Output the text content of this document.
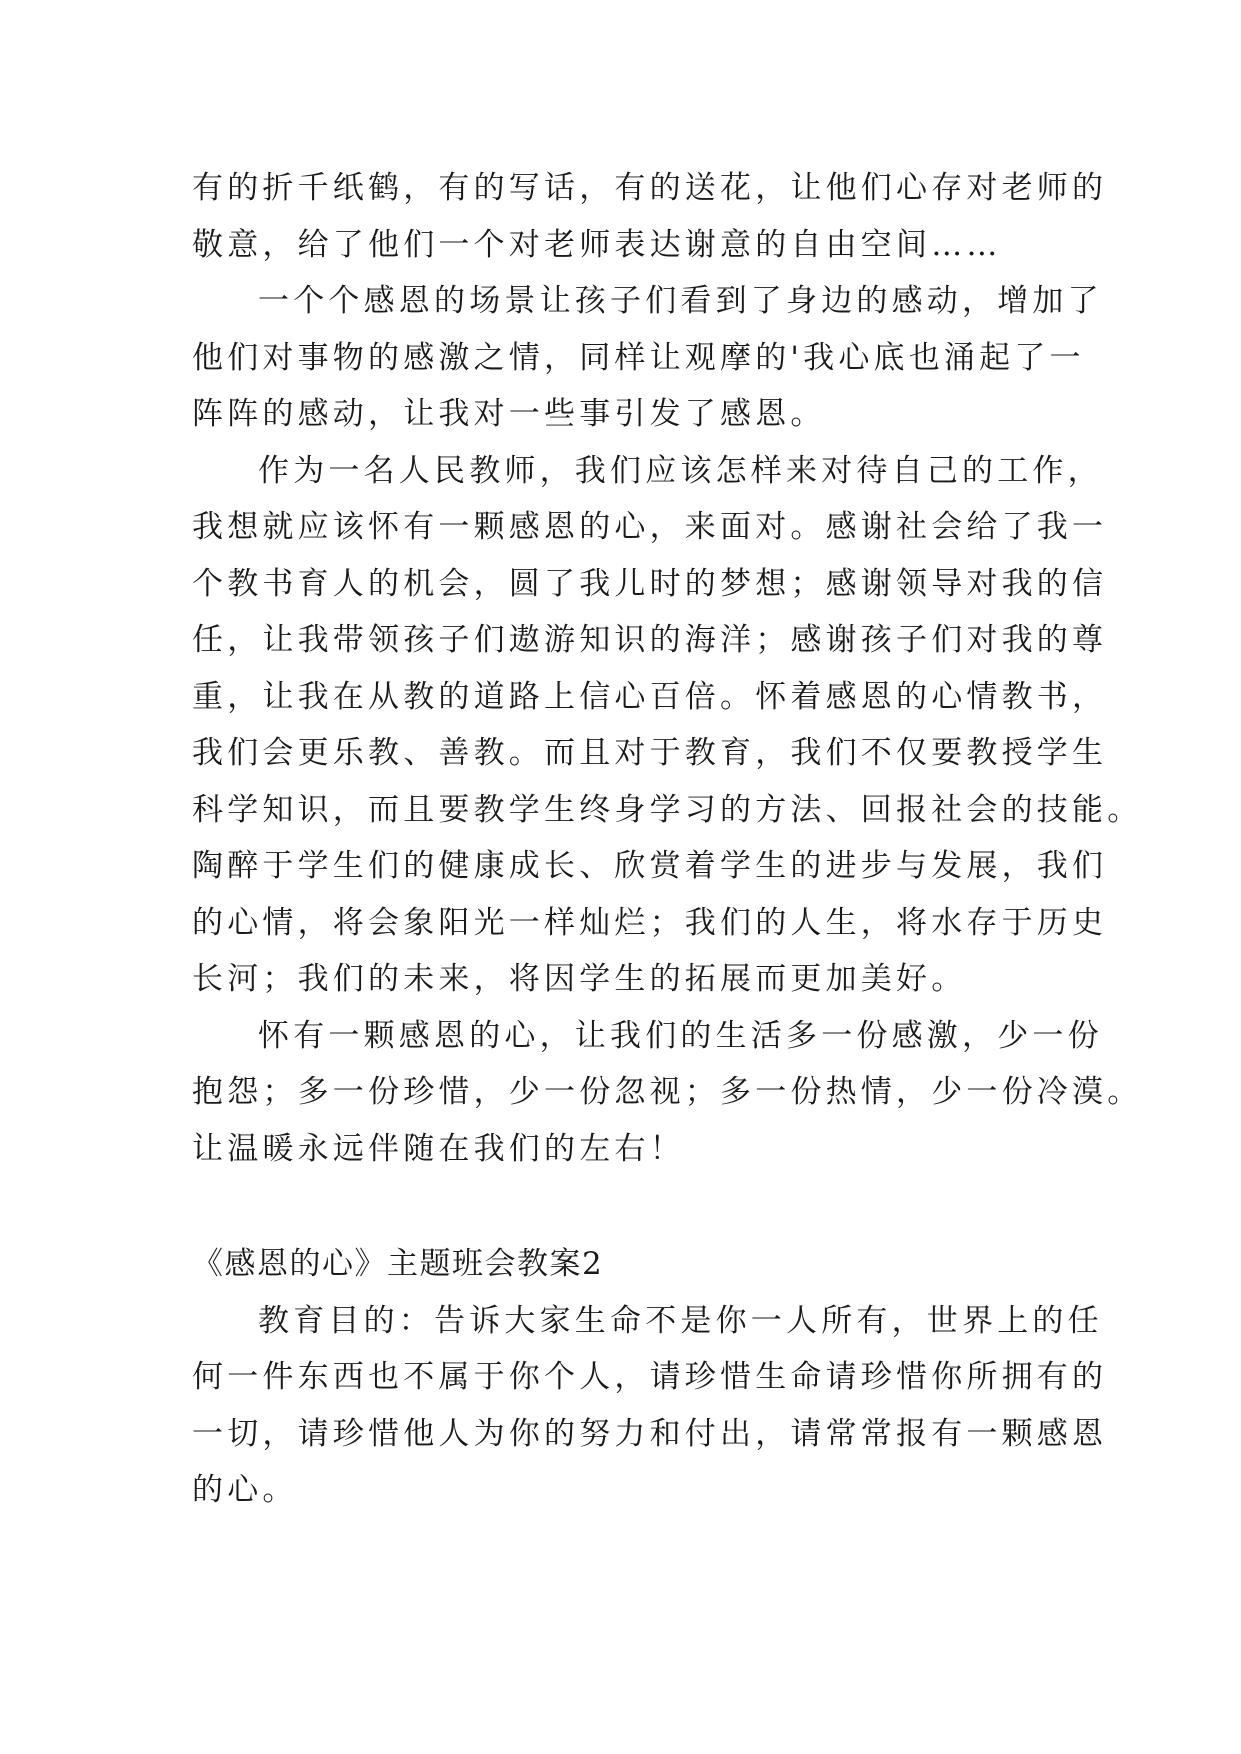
有的折千纸鹤，有的写话，有的送花，让他们心存对老师的
敬意，给了他们一个对老师表达谢意的自由空间……
一个个感恩的场景让孩子们看到了身边的感动，增加了
他们对事物的感激之情，同样让观摩的'我心底也涌起了一
阵阵的感动，让我对一些事引发了感恩。
作为一名人民教师，我们应该怎样来对待自己的工作，
我想就应该怀有一颗感恩的心，来面对。感谢社会给了我一
个教书育人的机会，圆了我儿时的梦想；感谢领导对我的信
任，让我带领孩子们遨游知识的海洋；感谢孩子们对我的尊
重，让我在从教的道路上信心百倍。怀着感恩的心情教书，
我们会更乐教、善教。而且对于教育，我们不仅要教授学生
科学知识，而且要教学生终身学习的方法、回报社会的技能。
陶醉于学生们的健康成长、欣赏着学生的进步与发展，我们
的心情，将会象阳光一样灿烂；我们的人生，将水存于历史
长河；我们的未来，将因学生的拓展而更加美好。
怀有一颗感恩的心，让我们的生活多一份感激，少一份
抱怨；多一份珍惜，少一份忽视；多一份热情，少一份冷漠。
让温暖永远伴随在我们的左右！
《感恩的心》主题班会教案2
教育目的：告诉大家生命不是你一人所有，世界上的任
何一件东西也不属于你个人，请珍惜生命请珍惜你所拥有的
一切，请珍惜他人为你的努力和付出，请常常报有一颗感恩
的心。
